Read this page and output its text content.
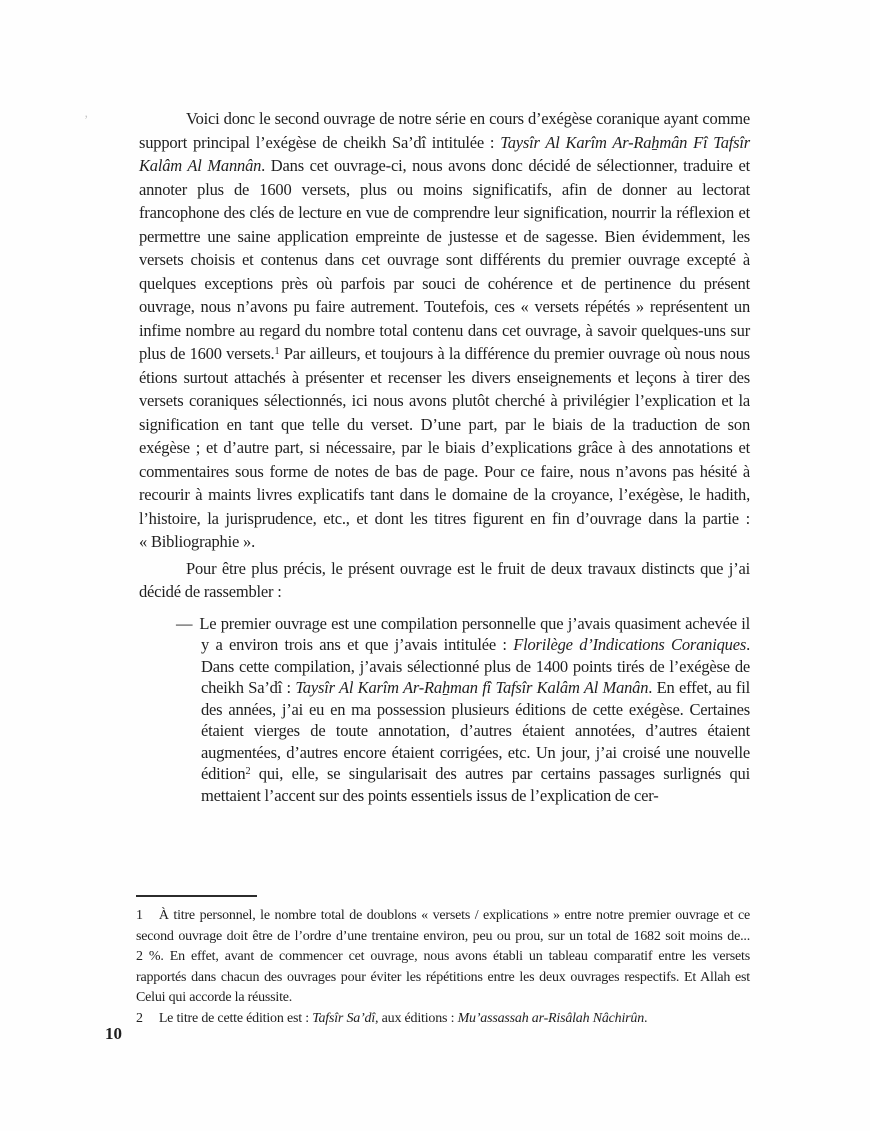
’	Voici donc le second ouvrage de notre série en cours d’exégèse coranique ayant comme support principal l’exégèse de cheikh Sa’dî intitulée : Taysîr Al Karîm Ar-Raẖmân Fî Tafsîr Kalâm Al Mannân. Dans cet ouvrage-ci, nous avons donc décidé de sélectionner, traduire et annoter plus de 1600 versets, plus ou moins significatifs, afin de donner au lectorat francophone des clés de lecture en vue de comprendre leur signification, nourrir la réflexion et permettre une saine application empreinte de justesse et de sagesse. Bien évidemment, les versets choisis et contenus dans cet ouvrage sont différents du premier ouvrage excepté à quelques exceptions près où parfois par souci de cohérence et de pertinence du présent ouvrage, nous n’avons pu faire autrement. Toutefois, ces « versets répétés » représentent un infime nombre au regard du nombre total contenu dans cet ouvrage, à savoir quelques-uns sur plus de 1600 versets.$^1$ Par ailleurs, et toujours à la différence du premier ouvrage où nous nous étions surtout attachés à présenter et recenser les divers enseignements et leçons à tirer des versets coraniques sélectionnés, ici nous avons plutôt cherché à privilégier l’explication et la signification en tant que telle du verset. D’une part, par le biais de la traduction de son exégèse ; et d’autre part, si nécessaire, par le biais d’explications grâce à des annotations et commentaires sous forme de notes de bas de page. Pour ce faire, nous n’avons pas hésité à recourir à maints livres explicatifs tant dans le domaine de la croyance, l’exégèse, le hadith, l’histoire, la jurisprudence, etc., et dont les titres figurent en fin d’ouvrage dans la partie : « Bibliographie ».

Pour être plus précis, le présent ouvrage est le fruit de deux travaux distincts que j’ai décidé de rassembler :

— Le premier ouvrage est une compilation personnelle que j’avais quasiment achevée il y a environ trois ans et que j’avais intitulée : Florilège d’Indications Coraniques. Dans cette compilation, j’avais sélectionné plus de 1400 points tirés de l’exégèse de cheikh Sa’dî : Taysîr Al Karîm Ar-Raẖman fî Tafsîr Kalâm Al Manân. En effet, au fil des années, j’ai eu en ma possession plusieurs éditions de cette exégèse. Certaines étaient vierges de toute annotation, d’autres étaient annotées, d’autres étaient augmentées, d’autres encore étaient corrigées, etc. Un jour, j’ai croisé une nouvelle édition$^2$ qui, elle, se singularisait des autres par certains passages surlignés qui mettaient l’accent sur des points essentiels issus de l’explication de cer-

1 À titre personnel, le nombre total de doublons « versets / explications » entre notre premier ouvrage et ce second ouvrage doit être de l’ordre d’une trentaine environ, peu ou prou, sur un total de 1682 soit moins de... 2 %. En effet, avant de commencer cet ouvrage, nous avons établi un tableau comparatif entre les versets rapportés dans chacun des ouvrages pour éviter les répétitions entre les deux ouvrages respectifs. Et Allah est Celui qui accorde la réussite.

2 Le titre de cette édition est : Tafsîr Sa’dî, aux éditions : Mu’assassah ar-Risâlah Nâchirûn.

10
